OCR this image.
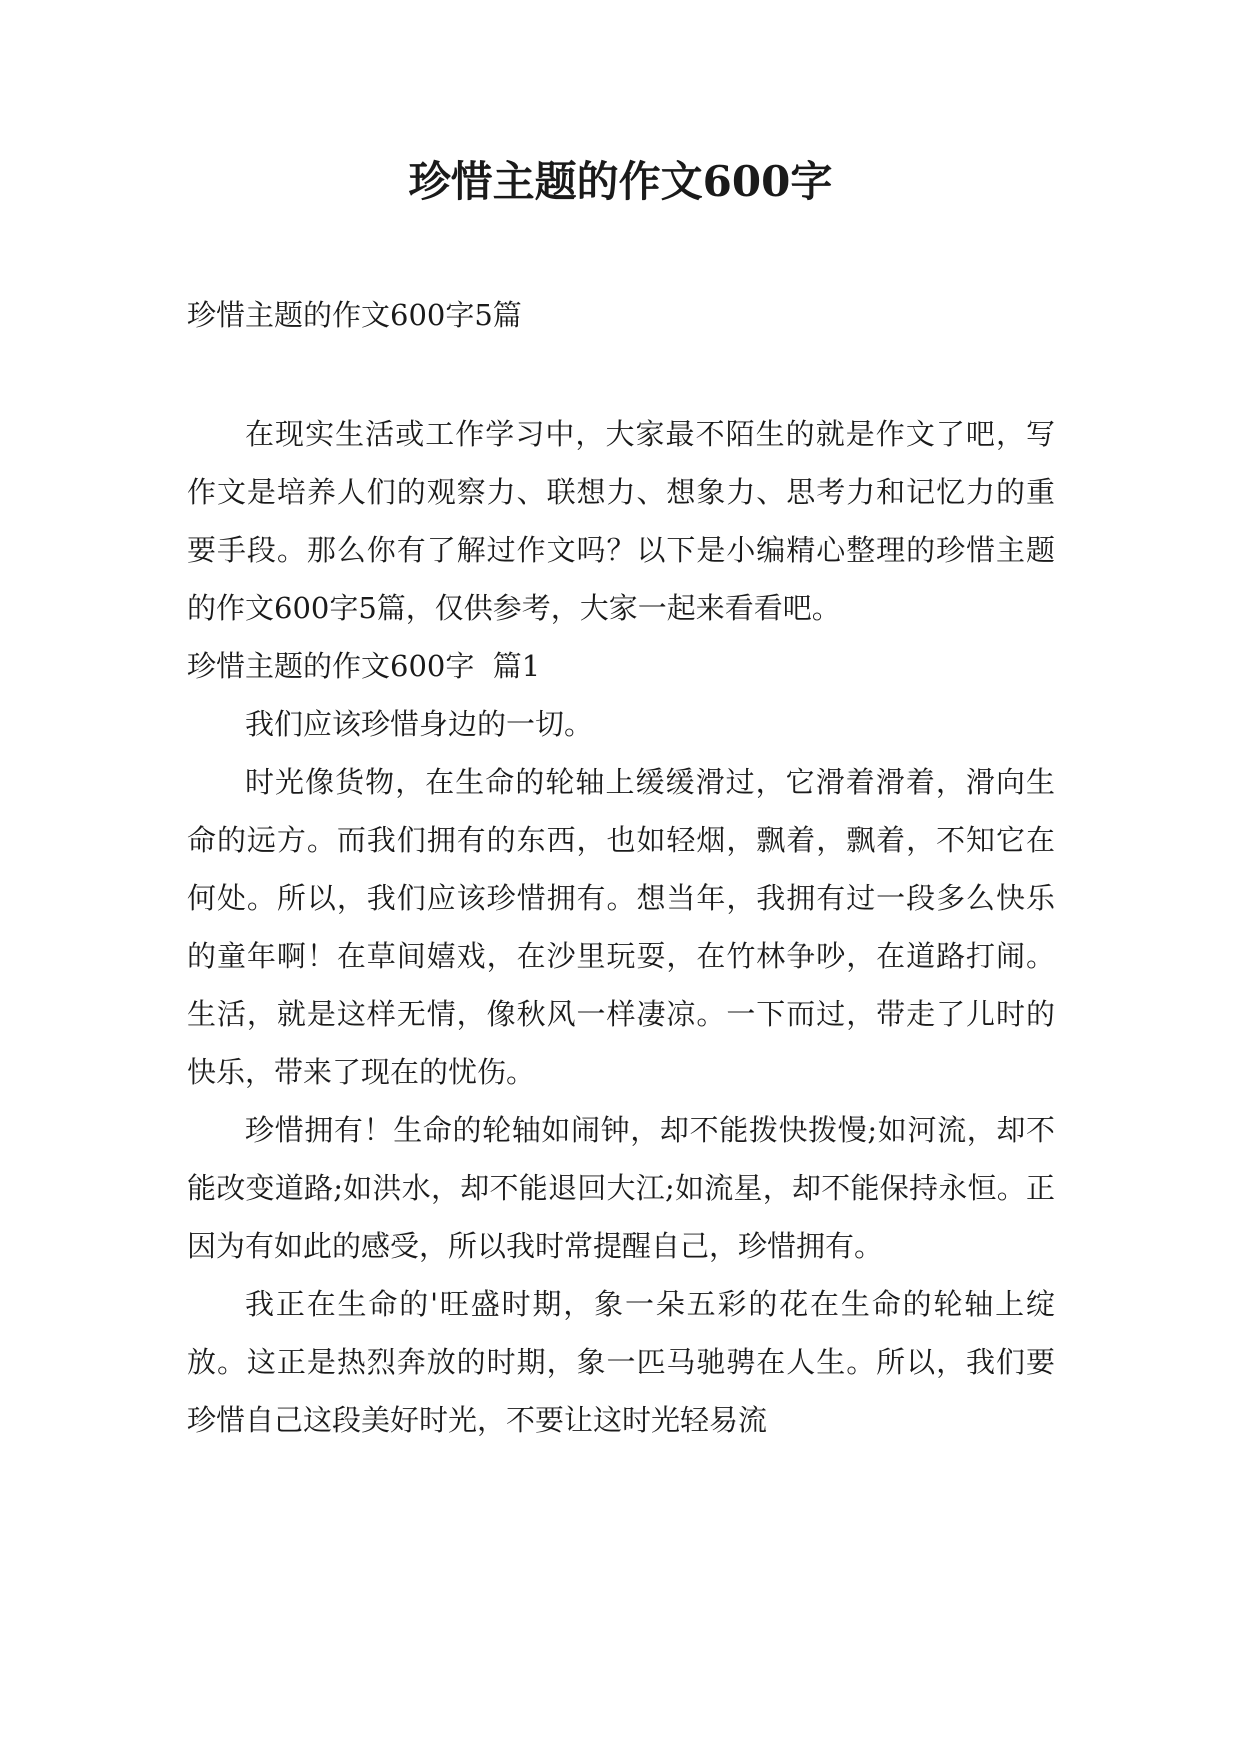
珍惜主题的作文600字

珍惜主题的作文600字5篇

在现实生活或工作学习中，大家最不陌生的就是作文了吧，写作文是培养人们的观察力、联想力、想象力、思考力和记忆力的重要手段。那么你有了解过作文吗？以下是小编精心整理的珍惜主题的作文600字5篇，仅供参考，大家一起来看看吧。

珍惜主题的作文600字  篇1

我们应该珍惜身边的一切。

时光像货物，在生命的轮轴上缓缓滑过，它滑着滑着，滑向生命的远方。而我们拥有的东西，也如轻烟，飘着，飘着，不知它在何处。所以，我们应该珍惜拥有。想当年，我拥有过一段多么快乐的童年啊！在草间嬉戏，在沙里玩耍，在竹林争吵，在道路打闹。生活，就是这样无情，像秋风一样凄凉。一下而过，带走了儿时的快乐，带来了现在的忧伤。

珍惜拥有！生命的轮轴如闹钟，却不能拨快拨慢;如河流，却不能改变道路;如洪水，却不能退回大江;如流星，却不能保持永恒。正因为有如此的感受，所以我时常提醒自己，珍惜拥有。

我正在生命的'旺盛时期，象一朵五彩的花在生命的轮轴上绽放。这正是热烈奔放的时期，象一匹马驰骋在人生。所以，我们要珍惜自己这段美好时光，不要让这时光轻易流
